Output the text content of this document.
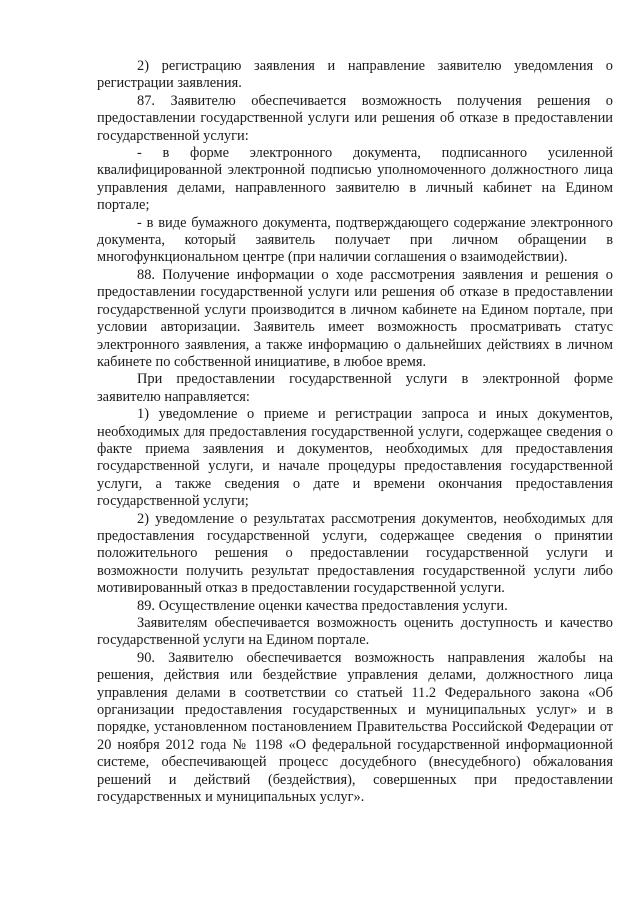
2) регистрацию заявления и направление заявителю уведомления о регистрации заявления.

87. Заявителю обеспечивается возможность получения решения о предоставлении государственной услуги или решения об отказе в предоставлении государственной услуги:

- в форме электронного документа, подписанного усиленной квалифицированной электронной подписью уполномоченного должностного лица управления делами, направленного заявителю в личный кабинет на Едином портале;

- в виде бумажного документа, подтверждающего содержание электронного документа, который заявитель получает при личном обращении в многофункциональном центре (при наличии соглашения о взаимодействии).

88. Получение информации о ходе рассмотрения заявления и решения о предоставлении государственной услуги или решения об отказе в предоставлении государственной услуги производится в личном кабинете на Едином портале, при условии авторизации. Заявитель имеет возможность просматривать статус электронного заявления, а также информацию о дальнейших действиях в личном кабинете по собственной инициативе, в любое время.

При предоставлении государственной услуги в электронной форме заявителю направляется:

1) уведомление о приеме и регистрации запроса и иных документов, необходимых для предоставления государственной услуги, содержащее сведения о факте приема заявления и документов, необходимых для предоставления государственной услуги, и начале процедуры предоставления государственной услуги, а также сведения о дате и времени окончания предоставления государственной услуги;

2) уведомление о результатах рассмотрения документов, необходимых для предоставления государственной услуги, содержащее сведения о принятии положительного решения о предоставлении государственной услуги и возможности получить результат предоставления государственной услуги либо мотивированный отказ в предоставлении государственной услуги.

89. Осуществление оценки качества предоставления услуги.

Заявителям обеспечивается возможность оценить доступность и качество государственной услуги на Едином портале.

90. Заявителю обеспечивается возможность направления жалобы на решения, действия или бездействие управления делами, должностного лица управления делами в соответствии со статьей 11.2 Федерального закона «Об организации предоставления государственных и муниципальных услуг» и в порядке, установленном постановлением Правительства Российской Федерации от 20 ноября 2012 года № 1198 «О федеральной государственной информационной системе, обеспечивающей процесс досудебного (внесудебного) обжалования решений и действий (бездействия), совершенных при предоставлении государственных и муниципальных услуг».
